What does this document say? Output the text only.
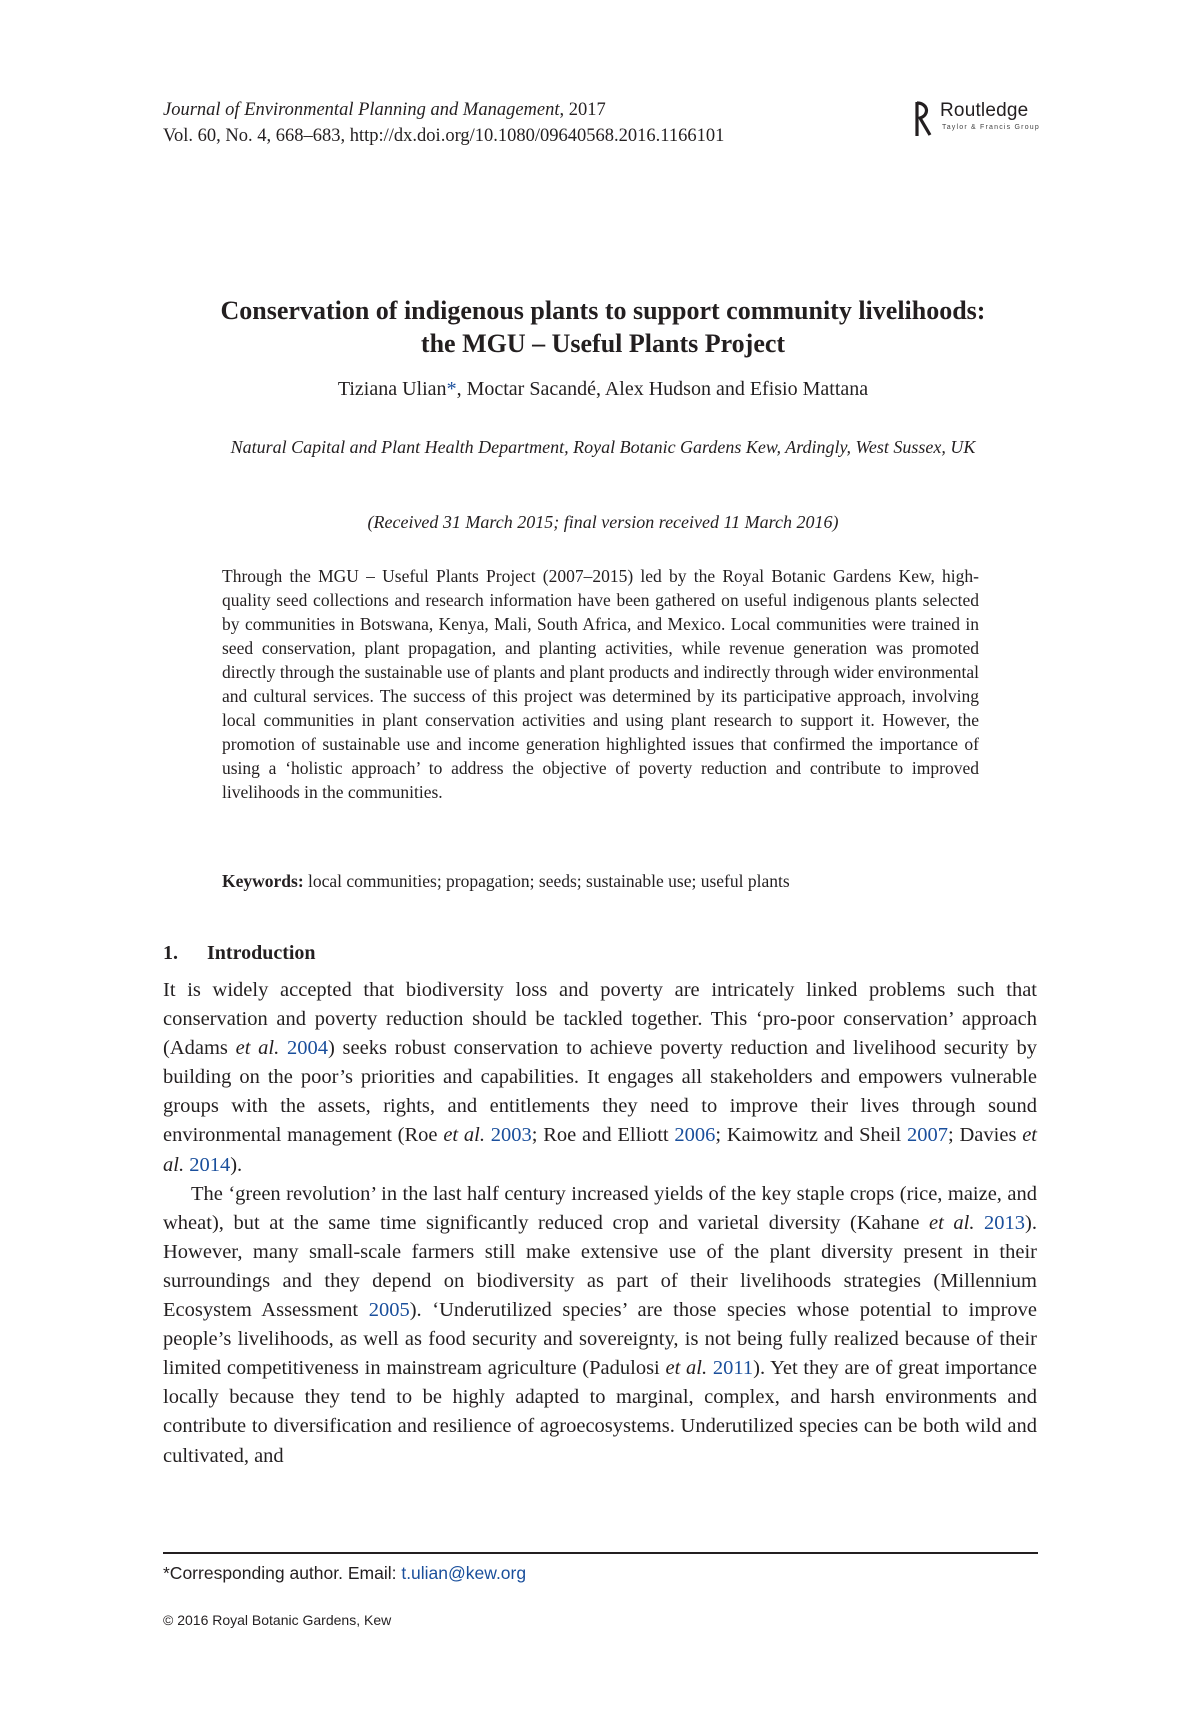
Journal of Environmental Planning and Management, 2017
Vol. 60, No. 4, 668–683, http://dx.doi.org/10.1080/09640568.2016.1166101
Routledge
Taylor & Francis Group
Conservation of indigenous plants to support community livelihoods:
the MGU – Useful Plants Project
Tiziana Ulian*, Moctar Sacandé, Alex Hudson and Efisio Mattana
Natural Capital and Plant Health Department, Royal Botanic Gardens Kew, Ardingly, West Sussex, UK
(Received 31 March 2015; final version received 11 March 2016)

Through the MGU – Useful Plants Project (2007–2015) led by the Royal Botanic Gardens Kew, high-quality seed collections and research information have been gathered on useful indigenous plants selected by communities in Botswana, Kenya, Mali, South Africa, and Mexico. Local communities were trained in seed conservation, plant propagation, and planting activities, while revenue generation was promoted directly through the sustainable use of plants and plant products and indirectly through wider environmental and cultural services. The success of this project was determined by its participative approach, involving local communities in plant conservation activities and using plant research to support it. However, the promotion of sustainable use and income generation highlighted issues that confirmed the importance of using a ‘holistic approach’ to address the objective of poverty reduction and contribute to improved livelihoods in the communities.

Keywords: local communities; propagation; seeds; sustainable use; useful plants
1. Introduction

It is widely accepted that biodiversity loss and poverty are intricately linked problems such that conservation and poverty reduction should be tackled together. This ‘pro-poor conservation’ approach (Adams et al. 2004) seeks robust conservation to achieve poverty reduction and livelihood security by building on the poor’s priorities and capabilities. It engages all stakeholders and empowers vulnerable groups with the assets, rights, and entitlements they need to improve their lives through sound environmental management (Roe et al. 2003; Roe and Elliott 2006; Kaimowitz and Sheil 2007; Davies et al. 2014).

The ‘green revolution’ in the last half century increased yields of the key staple crops (rice, maize, and wheat), but at the same time significantly reduced crop and varietal diversity (Kahane et al. 2013). However, many small-scale farmers still make extensive use of the plant diversity present in their surroundings and they depend on biodiversity as part of their livelihoods strategies (Millennium Ecosystem Assessment 2005). ‘Underutilized species’ are those species whose potential to improve people’s livelihoods, as well as food security and sovereignty, is not being fully realized because of their limited competitiveness in mainstream agriculture (Padulosi et al. 2011). Yet they are of great importance locally because they tend to be highly adapted to marginal, complex, and harsh environments and contribute to diversification and resilience of agroecosystems. Underutilized species can be both wild and cultivated, and

*Corresponding author. Email: t.ulian@kew.org
© 2016 Royal Botanic Gardens, Kew
